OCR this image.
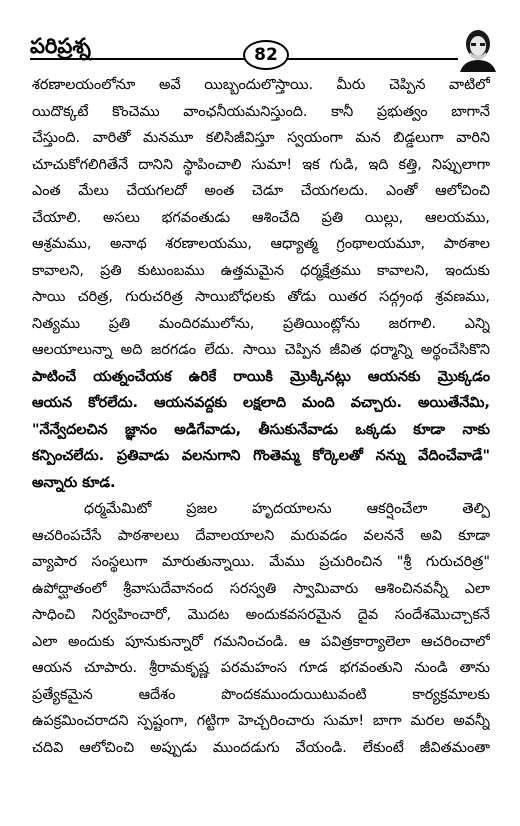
పరిప్రశ్న	82
శరణాలయంలోనూ అవే యిబ్బందులొస్తాయి. మీరు చెప్పిన వాటిలో
యిదొక్కటే కొంచెము వాంఛనీయమనిస్తుంది. కానీ ప్రభుత్వం బాగానే
చేస్తుంది. వారితో మనమూ కలిసిజీవిస్తూ స్వయంగా మన బిడ్డలుగా వారిని
చూచుకోగలిగితేనే దానిని స్థాపించాలి సుమా! ఇక గుడి, ఇది కత్తి, నిప్పులాగా
ఎంత మేలు చేయగలదో అంత చెడూ చేయగలదు. ఎంతో ఆలోచించి
చేయాలి. అసలు భగవంతుడు ఆశించేది ప్రతి యిల్లు, ఆలయము,
ఆశ్రమము, అనాథ శరణాలయము, ఆధ్యాత్మ గ్రంథాలయమూ, పాఠశాల
కావాలని, ప్రతి కుటుంబము ఉత్తమమైన ధర్మక్షేత్రము కావాలని, ఇందుకు
సాయి చరిత్ర, గురుచరిత్ర సాయిబోధలకు తోడు యితర సద్గ్రంథ శ్రవణము,
నిత్యము ప్రతి మందిరములోను, ప్రతియింట్లోను జరగాలి. ఎన్ని
ఆలయాలున్నా అది జరగడం లేదు. సాయి చెప్పిన జీవిత ధర్మాన్ని అర్థంచేసికొని
పాటించే యత్నంచేయక ఉరికే రాయికి మ్రొక్కినట్లు ఆయనకు మ్రొక్కడం
ఆయన కోరలేదు. ఆయనవద్దకు లక్షలాది మంది వచ్చారు. అయితేనేమి,
"నేన్వేదలచిన జ్ఞానం అడిగేవాడు, తీసుకునేవాడు ఒక్కడు కూడా నాకు
కన్పించలేదు. ప్రతివాడు వలనుగాని గొంతెమ్మ కోర్కెలతో నన్ను వేదించేవాడే"
అన్నారు కూడ.
ధర్మమేమిటో ప్రజల హృదయాలను ఆకర్షించేలా తెల్పి
ఆచరింపచేసే పాఠశాలలు దేవాలయాలని మరువడం వలననే అవి కూడా
వ్యాపార సంస్థలుగా మారుతున్నాయి. మేము ప్రచురించిన "శ్రీ గురుచరిత్ర"
ఉపోద్ఘాతంలో శ్రీవాసుదేవానంద సరస్వతి స్వామివారు ఆశించినవన్నీ ఎలా
సాధించి నిర్వహించారో, మొదట అందుకవసరమైన దైవ సందేశమొచ్చాకనే
ఎలా అందుకు పూనుకున్నారో గమనించండి. ఆ పవిత్రకార్యాలెలా ఆచరించాలో
ఆయన చూపారు. శ్రీరామకృష్ణ పరమహంస గూడ భగవంతుని నుండి తాను
ప్రత్యేకమైన ఆదేశం పొందకముందుయిటువంటి కార్యక్రమాలకు
ఉపక్రమించరాదని స్పష్టంగా, గట్టిగా హెచ్చరించారు సుమా! బాగా మరల అవన్నీ
చదివి ఆలోచించి అప్పుడు ముందడుగు వేయండి. లేకుంటే జీవితమంతా
